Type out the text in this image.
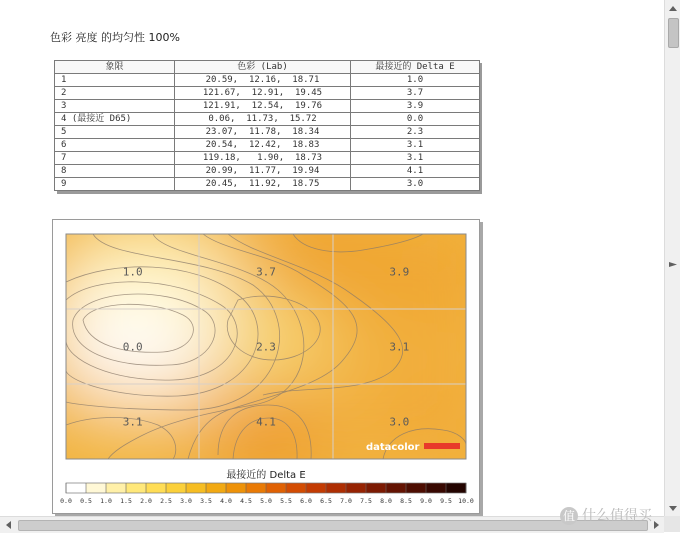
色彩 亮度 的均匀性 100%
象限	色彩 (Lab)	最接近的 Delta E
1	20.59,  12.16,  18.71	1.0
2	121.67,  12.91,  19.45	3.7
3	121.91,  12.54,  19.76	3.9
4 (最接近 D65)	0.06,  11.73,  15.72	0.0
5	23.07,  11.78,  18.34	2.3
6	20.54,  12.42,  18.83	3.1
7	119.18,   1.90,  18.73	3.1
8	20.99,  11.77,  19.94	4.1
9	20.45,  11.92,  18.75	3.0
1.0	3.7	3.9
0.0	2.3	3.1
3.1	4.1	3.0
datacolor
0.0 0.5 1.0 1.5 2.0 2.5 3.0 3.5 4.0 4.5 5.0 5.5 6.0 6.5 7.0 7.5 8.0 8.5 9.0 9.5 10.0
最接近的 Delta E
值 什么值得买
